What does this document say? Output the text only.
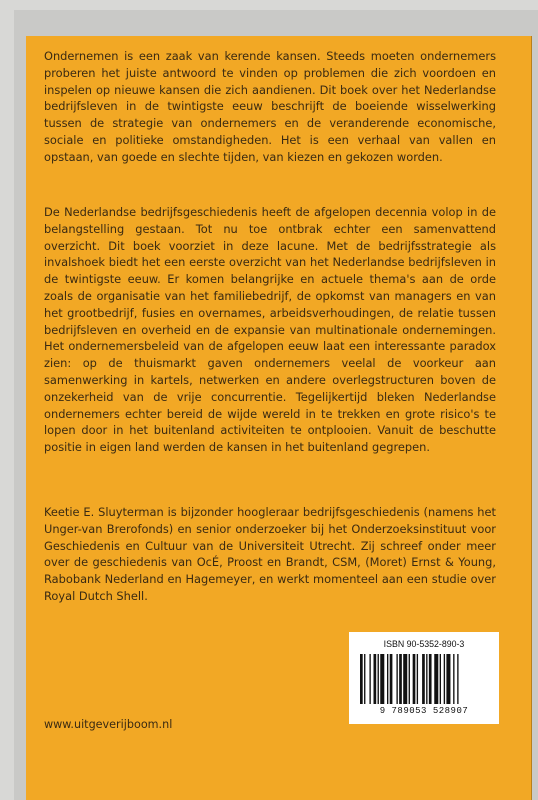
Ondernemen is een zaak van kerende kansen. Steeds moeten ondernemers proberen het juiste antwoord te vinden op problemen die zich voordoen en inspelen op nieuwe kansen die zich aandienen. Dit boek over het Nederlandse bedrijfsleven in de twintigste eeuw beschrijft de boeiende wisselwerking tussen de strategie van ondernemers en de veranderende economische, sociale en politieke omstandigheden. Het is een verhaal van vallen en opstaan, van goede en slechte tijden, van kiezen en gekozen worden.

De Nederlandse bedrijfsgeschiedenis heeft de afgelopen decennia volop in de belangstelling gestaan. Tot nu toe ontbrak echter een samenvattend overzicht. Dit boek voorziet in deze lacune. Met de bedrijfsstrategie als invalshoek biedt het een eerste overzicht van het Nederlandse bedrijfsleven in de twintigste eeuw. Er komen belangrijke en actuele thema's aan de orde zoals de organisatie van het familiebedrijf, de opkomst van managers en van het grootbedrijf, fusies en overnames, arbeidsverhoudingen, de relatie tussen bedrijfsleven en overheid en de expansie van multinationale ondernemingen. Het ondernemersbeleid van de afgelopen eeuw laat een interessante paradox zien: op de thuismarkt gaven ondernemers veelal de voorkeur aan samenwerking in kartels, netwerken en andere overlegstructuren boven de onzekerheid van de vrije concurrentie. Tegelijkertijd bleken Nederlandse ondernemers echter bereid de wijde wereld in te trekken en grote risico's te lopen door in het buitenland activiteiten te ontplooien. Vanuit de beschutte positie in eigen land werden de kansen in het buitenland gegrepen.

Keetie E. Sluyterman is bijzonder hoogleraar bedrijfsgeschiedenis (namens het Unger-van Brerofonds) en senior onderzoeker bij het Onderzoeksinstituut voor Geschiedenis en Cultuur van de Universiteit Utrecht. Zij schreef onder meer over de geschiedenis van OcÉ, Proost en Brandt, CSM, (Moret) Ernst & Young, Rabobank Nederland en Hagemeyer, en werkt momenteel aan een studie over Royal Dutch Shell.

www.uitgeverijboom.nl
ISBN 90-5352-890-3
9 789053 528907
